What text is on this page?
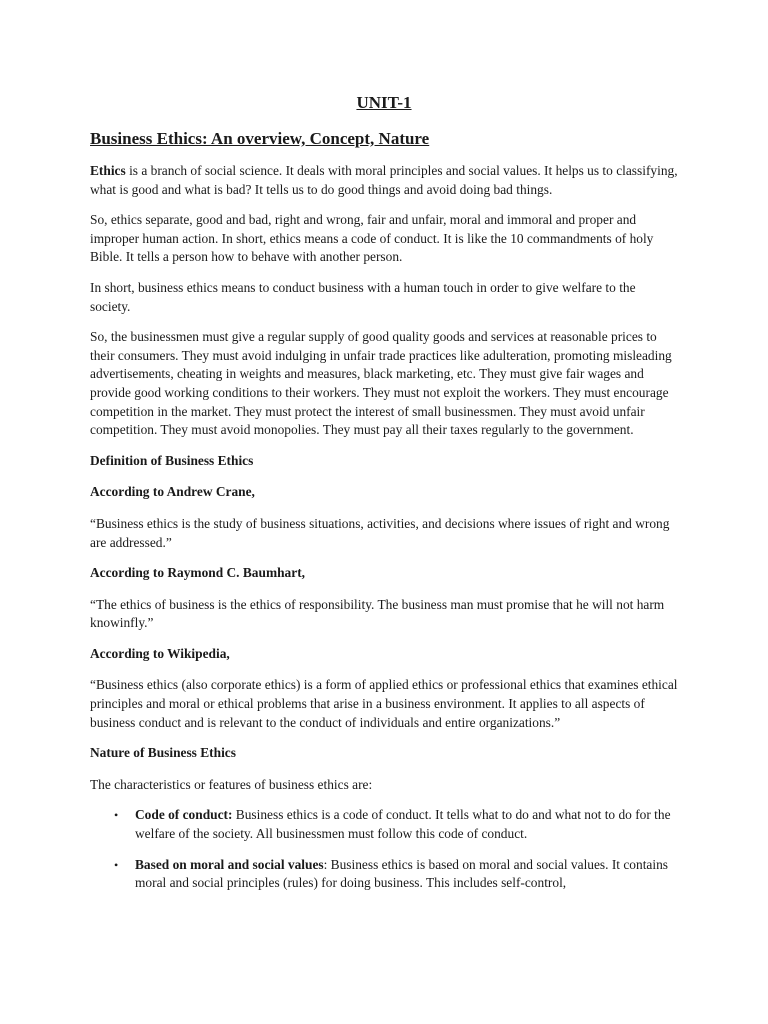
UNIT-1
Business Ethics: An overview, Concept, Nature

Ethics is a branch of social science. It deals with moral principles and social values. It helps us to classifying, what is good and what is bad? It tells us to do good things and avoid doing bad things.

So, ethics separate, good and bad, right and wrong, fair and unfair, moral and immoral and proper and improper human action. In short, ethics means a code of conduct. It is like the 10 commandments of holy Bible. It tells a person how to behave with another person.

In short, business ethics means to conduct business with a human touch in order to give welfare to the society.

So, the businessmen must give a regular supply of good quality goods and services at reasonable prices to their consumers. They must avoid indulging in unfair trade practices like adulteration, promoting misleading advertisements, cheating in weights and measures, black marketing, etc. They must give fair wages and provide good working conditions to their workers. They must not exploit the workers. They must encourage competition in the market. They must protect the interest of small businessmen. They must avoid unfair competition. They must avoid monopolies. They must pay all their taxes regularly to the government.

Definition of Business Ethics
According to Andrew Crane,

“Business ethics is the study of business situations, activities, and decisions where issues of right and wrong are addressed.”

According to Raymond C. Baumhart,

“The ethics of business is the ethics of responsibility. The business man must promise that he will not harm knowinfly.”

According to Wikipedia,

“Business ethics (also corporate ethics) is a form of applied ethics or professional ethics that examines ethical principles and moral or ethical problems that arise in a business environment. It applies to all aspects of business conduct and is relevant to the conduct of individuals and entire organizations.”

Nature of Business Ethics

The characteristics or features of business ethics are:

• Code of conduct: Business ethics is a code of conduct. It tells what to do and what not to do for the welfare of the society. All businessmen must follow this code of conduct.
• Based on moral and social values: Business ethics is based on moral and social values. It contains moral and social principles (rules) for doing business. This includes self-control,
